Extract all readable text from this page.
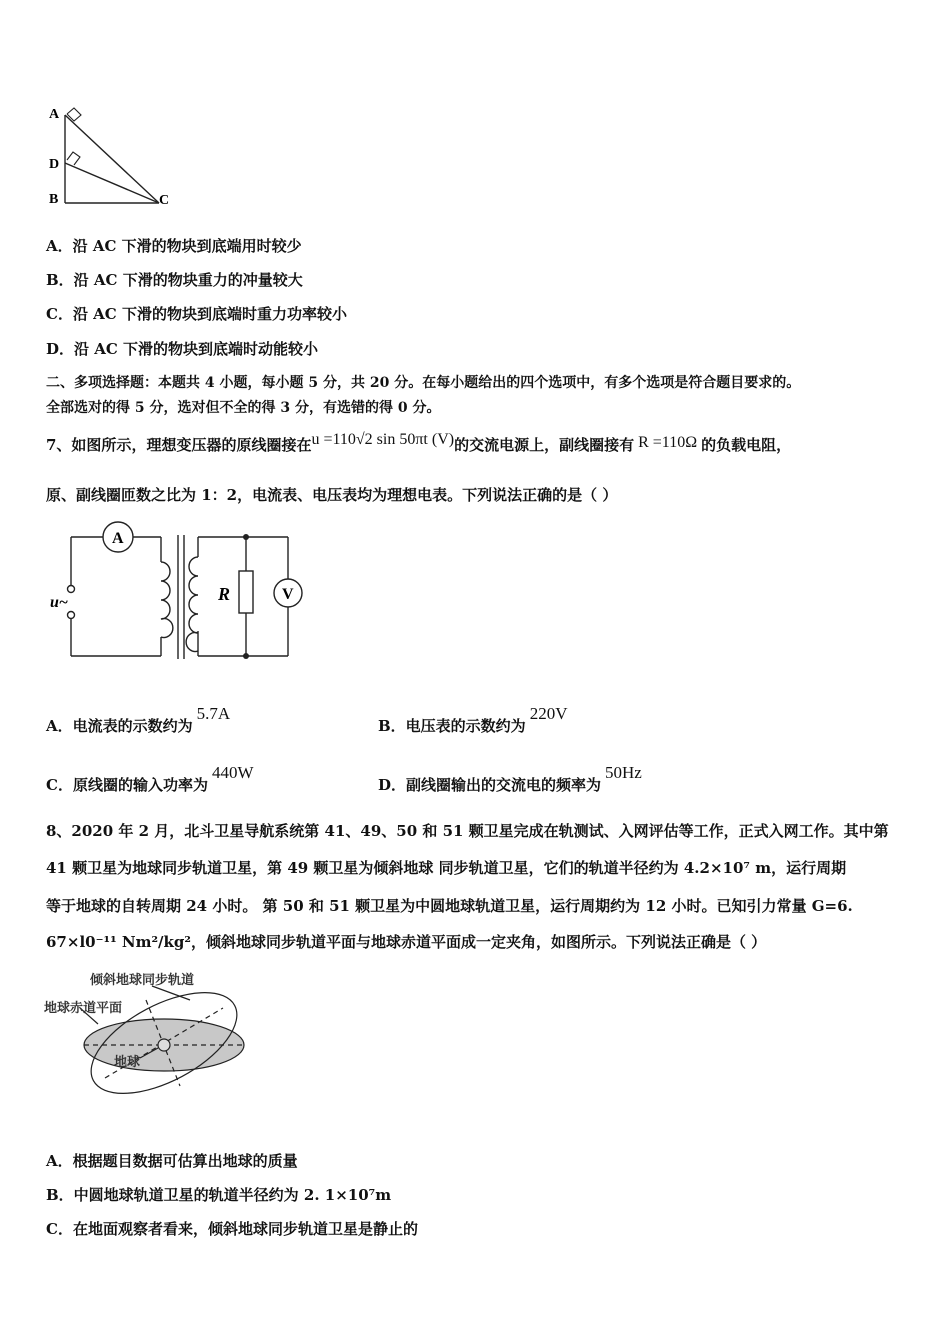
A
D
B	C
A．沿 AC 下滑的物块到底端用时较少
B．沿 AC 下滑的物块重力的冲量较大
C．沿 AC 下滑的物块到底端时重力功率较小
D．沿 AC 下滑的物块到底端时动能较小
二、多项选择题：本题共 4 小题，每小题 5 分，共 20 分。在每小题给出的四个选项中，有多个选项是符合题目要求的。
全部选对的得 5 分，选对但不全的得 3 分，有选错的得 0 分。
7、如图所示，理想变压器的原线圈接在u =110√2 sin 50πt (V)的交流电源上，副线圈接有 R =110Ω 的负载电阻，
原、副线圈匝数之比为 1：2，电流表、电压表均为理想电表。下列说法正确的是（ ）
A
V
R
u~
A．电流表的示数约为5.7A
B．电压表的示数约为220V
C．原线圈的输入功率为440W
D．副线圈输出的交流电的频率为50Hz
8、2020 年 2 月，北斗卫星导航系统第 41、49、50 和 51 颗卫星完成在轨测试、入网评估等工作，正式入网工作。其中第
41 颗卫星为地球同步轨道卫星，第 49 颗卫星为倾斜地球 同步轨道卫星，它们的轨道半径约为 4.2×10⁷ m，运行周期
等于地球的自转周期 24 小时。 第 50 和 51 颗卫星为中圆地球轨道卫星，运行周期约为 12 小时。已知引力常量 G=6.
67×l0⁻¹¹ Nm²/kg²，倾斜地球同步轨道平面与地球赤道平面成一定夹角，如图所示。下列说法正确是（ ）
倾斜地球同步轨道
地球赤道平面
地球
A．根据题目数据可估算出地球的质量
B．中圆地球轨道卫星的轨道半径约为 2. 1×10⁷m
C．在地面观察者看来，倾斜地球同步轨道卫星是静止的
